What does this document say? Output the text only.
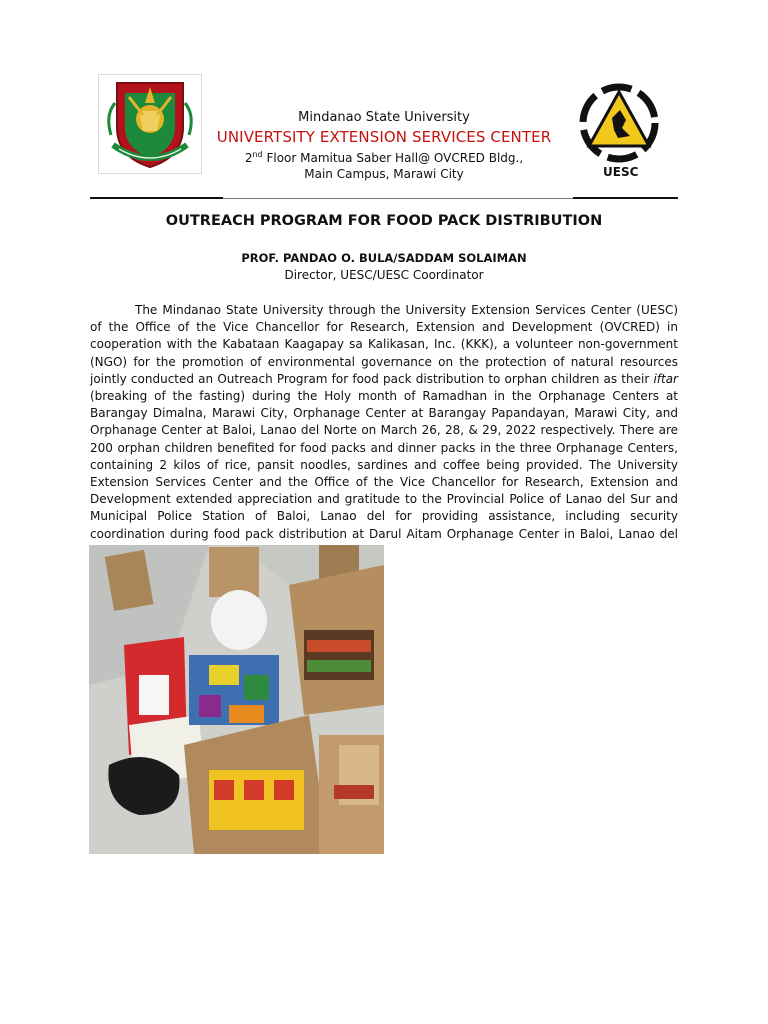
Mindanao State University
UNIVERTSITY EXTENSION SERVICES CENTER
2nd Floor Mamitua Saber Hall@ OVCRED Bldg.,
Main Campus, Marawi City	UESC
OUTREACH PROGRAM FOR FOOD PACK DISTRIBUTION
PROF. PANDAO O. BULA/SADDAM SOLAIMAN
Director, UESC/UESC Coordinator

The Mindanao State University through the University Extension Services Center (UESC) of the Office of the Vice Chancellor for Research, Extension and Development (OVCRED) in cooperation with the Kabataan Kaagapay sa Kalikasan, Inc. (KKK), a volunteer non-government (NGO) for the promotion of environmental governance on the protection of natural resources jointly conducted an Outreach Program for food pack distribution to orphan children as their iftar (breaking of the fasting) during the Holy month of Ramadhan in the Orphanage Centers at Barangay Dimalna, Marawi City, Orphanage Center at Barangay Papandayan, Marawi City, and Orphanage Center at Baloi, Lanao del Norte on March 26, 28, & 29, 2022 respectively. There are 200 orphan children benefited for food packs and dinner packs in the three Orphanage Centers, containing 2 kilos of rice, pansit noodles, sardines and coffee being provided. The University Extension Services Center and the Office of the Vice Chancellor for Research, Extension and Development extended appreciation and gratitude to the Provincial Police of Lanao del Sur and Municipal Police Station of Baloi, Lanao del for providing assistance, including security coordination during food pack distribution at Darul Aitam Orphanage Center in Baloi, Lanao del
